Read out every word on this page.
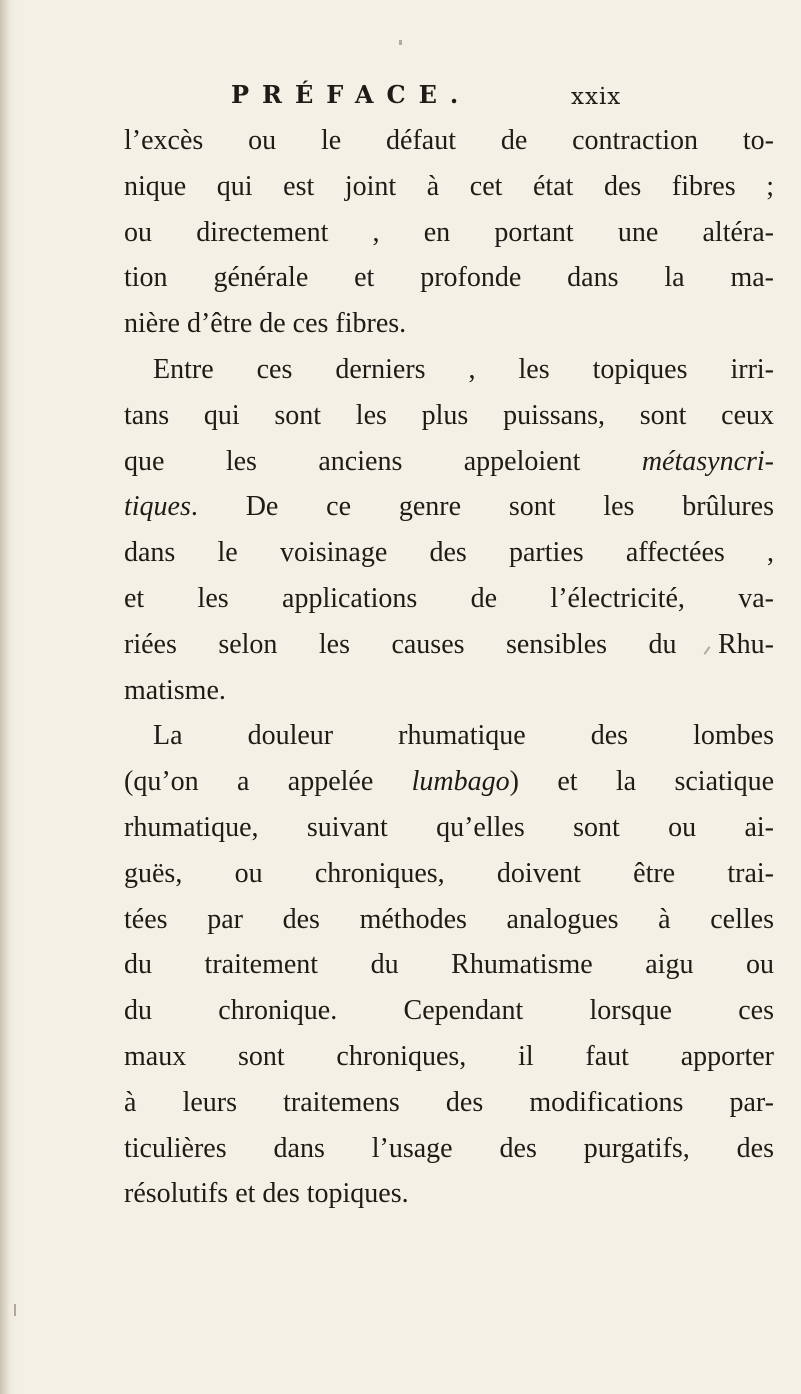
PRÉFACE.	xxix
l’excès ou le défaut de contraction to-
nique qui est joint à cet état des fibres ;
ou directement , en portant une altéra-
tion générale et profonde dans la ma-
nière d’être de ces fibres.
Entre ces derniers , les topiques irri-
tans qui sont les plus puissans, sont ceux
que les anciens appeloient métasyncri-
tiques. De ce genre sont les brûlures
dans le voisinage des parties affectées ,
et les applications de l’électricité, va-
riées selon les causes sensibles du Rhu-
matisme.
La douleur rhumatique des lombes
(qu’on a appelée lumbago) et la sciatique
rhumatique, suivant qu’elles sont ou ai-
guës, ou chroniques, doivent être trai-
tées par des méthodes analogues à celles
du traitement du Rhumatisme aigu ou
du chronique. Cependant lorsque ces
maux sont chroniques, il faut apporter
à leurs traitemens des modifications par-
ticulières dans l’usage des purgatifs, des
résolutifs et des topiques.
